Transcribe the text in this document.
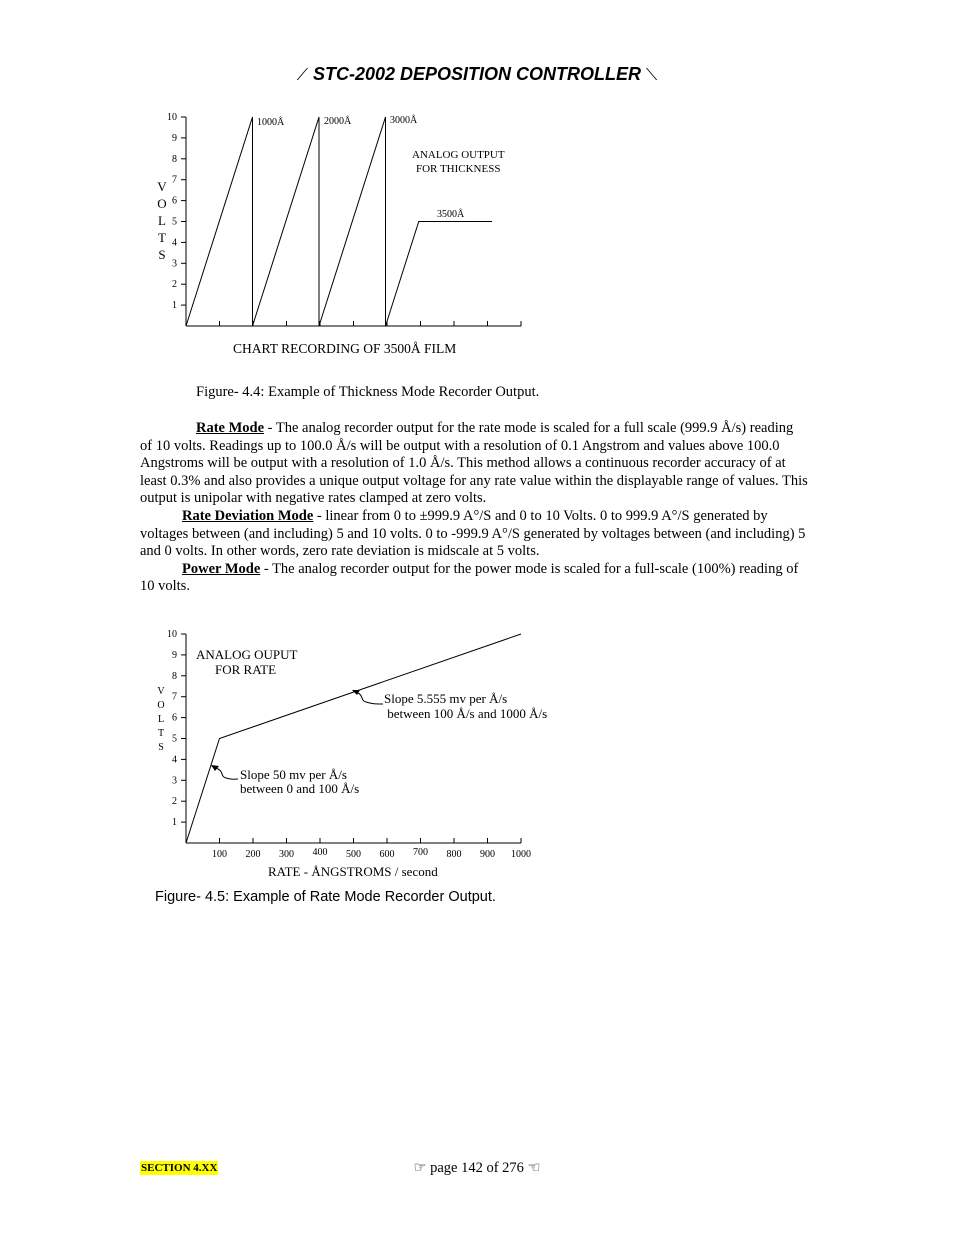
⟋ STC-2002 DEPOSITION CONTROLLER ⟍
1
2
3
4
5
6
7
8
9
10
V
O
L
T
S
1000Å	2000Å	3000Å
ANALOG OUTPUT
FOR THICKNESS
3500Å
CHART RECORDING OF 3500Å FILM
Figure- 4.4: Example of Thickness Mode Recorder Output.

Rate Mode - The analog recorder output for the rate mode is scaled for a full scale (999.9 Å/s) reading of 10 volts. Readings up to 100.0 Å/s will be output with a resolution of 0.1 Angstrom and values above 100.0 Angstroms will be output with a resolution of 1.0 Å/s. This method allows a continuous recorder accuracy of at least 0.3% and also provides a unique output voltage for any rate value within the displayable range of values. This output is unipolar with negative rates clamped at zero volts.

Rate Deviation Mode - linear from 0 to ±999.9 A°/S and 0 to 10 Volts. 0 to 999.9 A°/S generated by voltages between (and including) 5 and 10 volts. 0 to -999.9 A°/S generated by voltages between (and including) 5 and 0 volts. In other words, zero rate deviation is midscale at 5 volts.

Power Mode - The analog recorder output for the power mode is scaled for a full-scale (100%) reading of 10 volts.

1
2
3
4
5
6
7
8
9
10
100 200 300 400 500 600 700 800 900 1000
V
O
L
T
S
ANALOG OUPUT
FOR RATE
Slope 5.555 mv per Å/s
between 100 Å/s and 1000 Å/s
Slope 50 mv per Å/s
between 0 and 100 Å/s
RATE - ÅNGSTROMS / second
Figure- 4.5: Example of Rate Mode Recorder Output.
SECTION 4.XX	☞ page 142 of 276 ☜
